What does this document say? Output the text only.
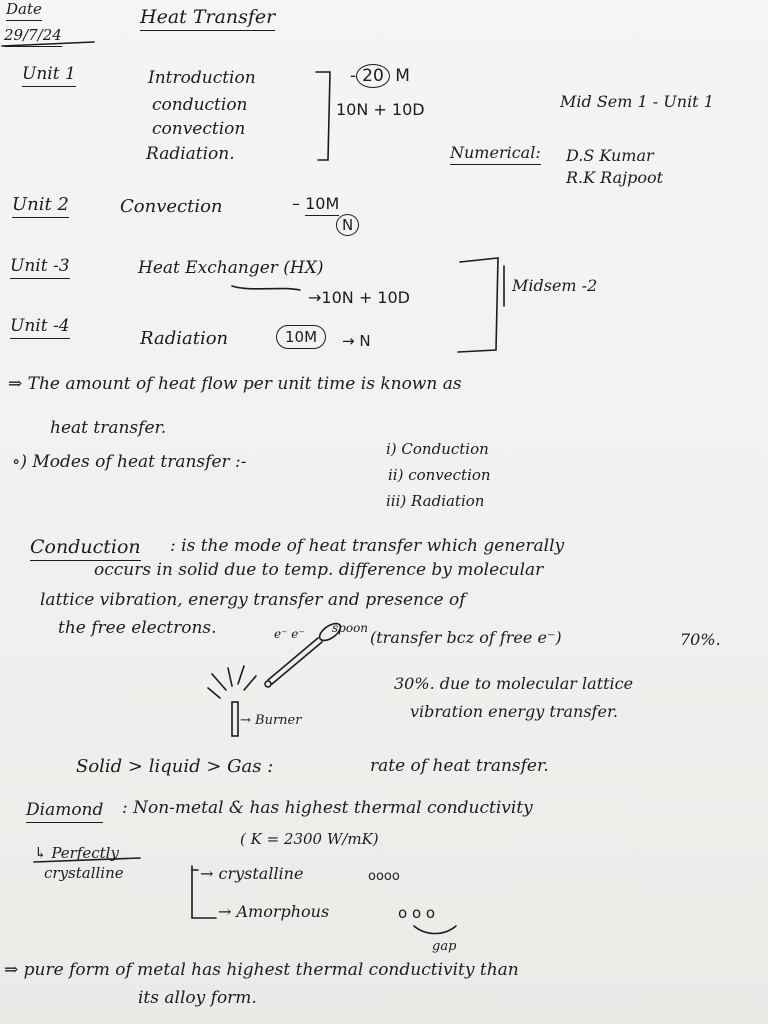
Date
29/7/24
Heat Transfer
Unit 1	Introduction
conduction
convection
Radiation.
- 20 M
10N + 10D	Mid Sem 1 - Unit 1
Numerical: D.S Kumar
R.K Rajpoot
Unit 2	Convection	– 10M
N
Unit -3	Heat Exchanger (HX)
→10N + 10D
Midsem -2
Unit -4
Radiation	10M	→ N
⇒ The amount of heat flow per unit time is known as
heat transfer.
∘) Modes of heat transfer :-
i) Conduction
ii) convection
iii) Radiation
Conduction : is the mode of heat transfer which generally
occurs in solid due to temp. difference by molecular
lattice vibration, energy transfer and presence of
the free electrons.	e⁻ e⁻ spoon (transfer bcz of free e⁻)	70%.
30%. due to molecular lattice
vibration energy transfer.
→ Burner
Solid > liquid > Gas :	rate of heat transfer.
Diamond : Non-metal & has highest thermal conductivity
( K = 2300 W/mK)
↳ Perfectly
crystalline	→ crystalline	oooo
→ Amorphous	o o o
gap
⇒ pure form of metal has highest thermal conductivity than
its alloy form.
